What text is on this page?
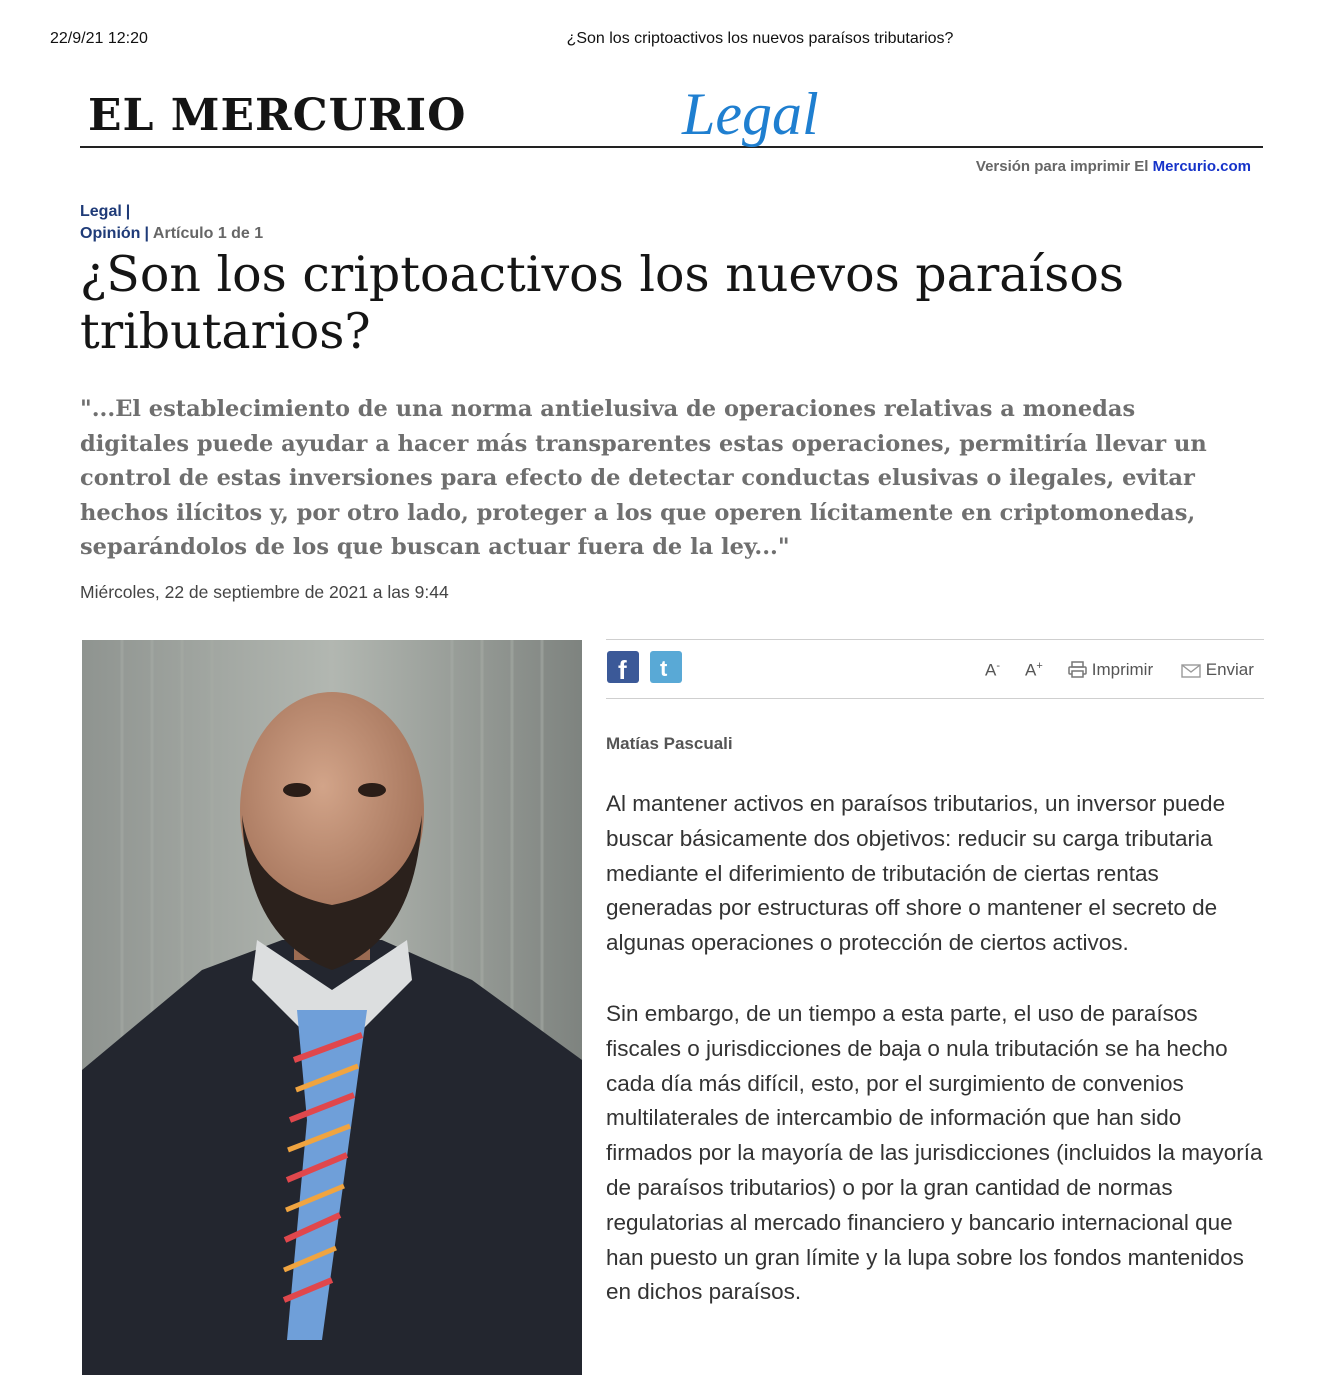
22/9/21 12:20	¿Son los criptoactivos los nuevos paraísos tributarios?
EL MERCURIO	Legal
Versión para imprimir El Mercurio.com
Legal |
Opinión | Artículo 1 de 1
¿Son los criptoactivos los nuevos paraísos tributarios?

"...El establecimiento de una norma antielusiva de operaciones relativas a monedas digitales puede ayudar a hacer más transparentes estas operaciones, permitiría llevar un control de estas inversiones para efecto de detectar conductas elusivas o ilegales, evitar hechos ilícitos y, por otro lado, proteger a los que operen lícitamente en criptomonedas, separándolos de los que buscan actuar fuera de la ley..."

Miércoles, 22 de septiembre de 2021 a las 9:44
f t	A- A+	Imprimir	Enviar
Matías Pascuali

Al mantener activos en paraísos tributarios, un inversor puede buscar básicamente dos objetivos: reducir su carga tributaria mediante el diferimiento de tributación de ciertas rentas generadas por estructuras off shore o mantener el secreto de algunas operaciones o protección de ciertos activos.

Sin embargo, de un tiempo a esta parte, el uso de paraísos fiscales o jurisdicciones de baja o nula tributación se ha hecho cada día más difícil, esto, por el surgimiento de convenios multilaterales de intercambio de información que han sido firmados por la mayoría de las jurisdicciones (incluidos la mayoría de paraísos tributarios) o por la gran cantidad de normas regulatorias al mercado financiero y bancario internacional que han puesto un gran límite y la lupa sobre los fondos mantenidos en dichos paraísos.
